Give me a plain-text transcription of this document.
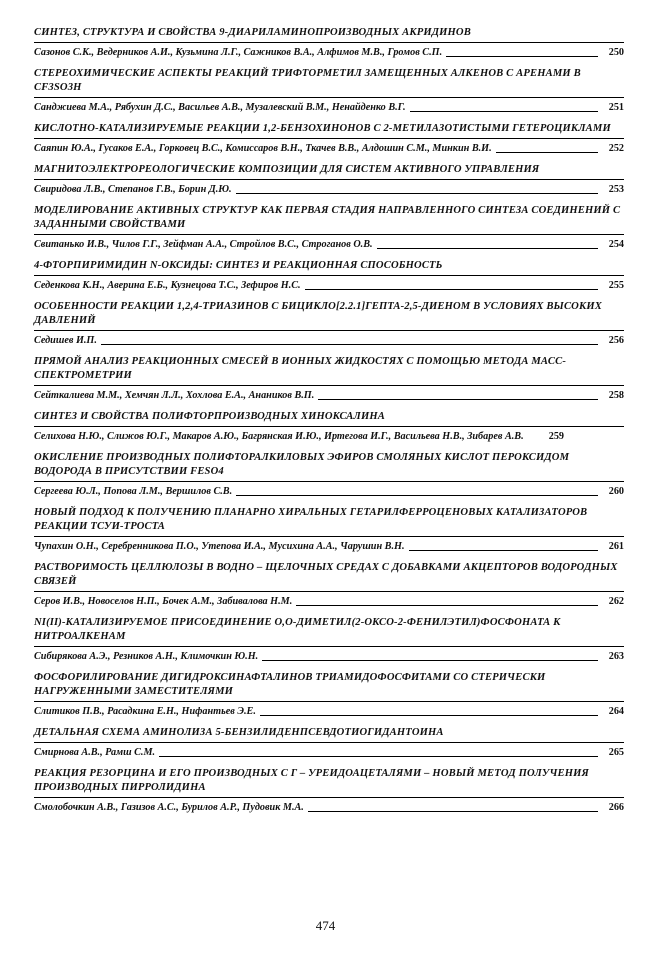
СИНТЕЗ, СТРУКТУРА И СВОЙСТВА 9-ДИАРИЛАМИНОПРОИЗВОДНЫХ АКРИДИНОВ
Сазонов С.К., Ведерников А.И., Кузьмина Л.Г., Сажников В.А., Алфимов М.В., Громов С.П.	250
СТЕРЕОХИМИЧЕСКИЕ АСПЕКТЫ РЕАКЦИЙ ТРИФТОРМЕТИЛ ЗАМЕЩЕННЫХ АЛКЕНОВ С АРЕНАМИ В CF3SO3H
Санджиева М.А., Рябухин Д.С., Васильев А.В., Музалевский В.М., Ненайденко В.Г.	251
КИСЛОТНО-КАТАЛИЗИРУЕМЫЕ РЕАКЦИИ 1,2-БЕНЗОХИНОНОВ С 2-МЕТИЛАЗОТИСТЫМИ ГЕТЕРОЦИКЛАМИ
Саяпин Ю.А., Гусаков Е.А., Горковец В.С., Комиссаров В.Н., Ткачев В.В., Алдошин С.М., Минкин В.И.	252
МАГНИТОЭЛЕКТРОРЕОЛОГИЧЕСКИЕ КОМПОЗИЦИИ ДЛЯ СИСТЕМ АКТИВНОГО УПРАВЛЕНИЯ
Свиридова Л.В., Степанов Г.В., Борин Д.Ю.	253
МОДЕЛИРОВАНИЕ АКТИВНЫХ СТРУКТУР КАК ПЕРВАЯ СТАДИЯ НАПРАВЛЕННОГО СИНТЕЗА СОЕДИНЕНИЙ С ЗАДАННЫМИ СВОЙСТВАМИ
Свитанько И.В., Чилов Г.Г., Зейфман А.А., Стройлов В.С., Строганов О.В.	254
4-ФТОРПИРИМИДИН N-ОКСИДЫ: СИНТЕЗ И РЕАКЦИОННАЯ СПОСОБНОСТЬ
Седенкова К.Н., Аверина Е.Б., Кузнецова Т.С., Зефиров Н.С.	255
ОСОБЕННОСТИ РЕАКЦИИ 1,2,4-ТРИАЗИНОВ С БИЦИКЛО[2.2.1]ГЕПТА-2,5-ДИЕНОМ В УСЛОВИЯХ ВЫСОКИХ ДАВЛЕНИЙ
Седишев И.П.	256
ПРЯМОЙ АНАЛИЗ РЕАКЦИОННЫХ СМЕСЕЙ В ИОННЫХ ЖИДКОСТЯХ С ПОМОЩЬЮ МЕТОДА МАСС-СПЕКТРОМЕТРИИ
Сейткалиева М.М., Хемчян Л.Л., Хохлова Е.А., Анаников В.П.	258
СИНТЕЗ И СВОЙСТВА ПОЛИФТОРПРОИЗВОДНЫХ ХИНОКСАЛИНА
Селихова Н.Ю., Слижов Ю.Г., Макаров А.Ю., Багрянская И.Ю., Иртегова И.Г., Васильева Н.В., Зибарев А.В.	259
ОКИСЛЕНИЕ ПРОИЗВОДНЫХ ПОЛИФТОРАЛКИЛОВЫХ ЭФИРОВ СМОЛЯНЫХ КИСЛОТ ПЕРОКСИДОМ ВОДОРОДА В ПРИСУТСТВИИ FESO4
Сергеева Ю.Л., Попова Л.М., Вершилов С.В.	260
НОВЫЙ ПОДХОД К ПОЛУЧЕНИЮ ПЛАНАРНО ХИРАЛЬНЫХ ГЕТАРИЛФЕРРОЦЕНОВЫХ КАТАЛИЗАТОРОВ РЕАКЦИИ ТСУИ-ТРОСТА
Чупахин О.Н., Серебренникова П.О., Утепова И.А., Мусихина А.А., Чарушин В.Н.	261
РАСТВОРИМОСТЬ ЦЕЛЛЮЛОЗЫ В ВОДНО – ЩЕЛОЧНЫХ СРЕДАХ С ДОБАВКАМИ АКЦЕПТОРОВ ВОДОРОДНЫХ СВЯЗЕЙ
Серов И.В., Новоселов Н.П., Бочек А.М., Забивалова Н.М.	262
NI(II)-КАТАЛИЗИРУЕМОЕ ПРИСОЕДИНЕНИЕ О,О-ДИМЕТИЛ(2-ОКСО-2-ФЕНИЛЭТИЛ)ФОСФОНАТА К НИТРОАЛКЕНАМ
Сибирякова А.Э., Резников А.Н., Климочкин Ю.Н.	263
ФОСФОРИЛИРОВАНИЕ ДИГИДРОКСИНАФТАЛИНОВ ТРИАМИДОФОСФИТАМИ СО СТЕРИЧЕСКИ НАГРУЖЕННЫМИ ЗАМЕСТИТЕЛЯМИ
Слитиков П.В., Расадкина Е.Н., Нифантьев Э.Е.	264
ДЕТАЛЬНАЯ СХЕМА АМИНОЛИЗА 5-БЕНЗИЛИДЕНПСЕВДОТИОГИДАНТОИНА
Смирнова А.В., Рамш С.М.	265
РЕАКЦИЯ РЕЗОРЦИНА И ЕГО ПРОИЗВОДНЫХ С Γ – УРЕИДОАЦЕТАЛЯМИ – НОВЫЙ МЕТОД ПОЛУЧЕНИЯ ПРОИЗВОДНЫХ ПИРРОЛИДИНА
Смолобочкин А.В., Газизов А.С., Бурилов А.Р., Пудовик М.А.	266
474
